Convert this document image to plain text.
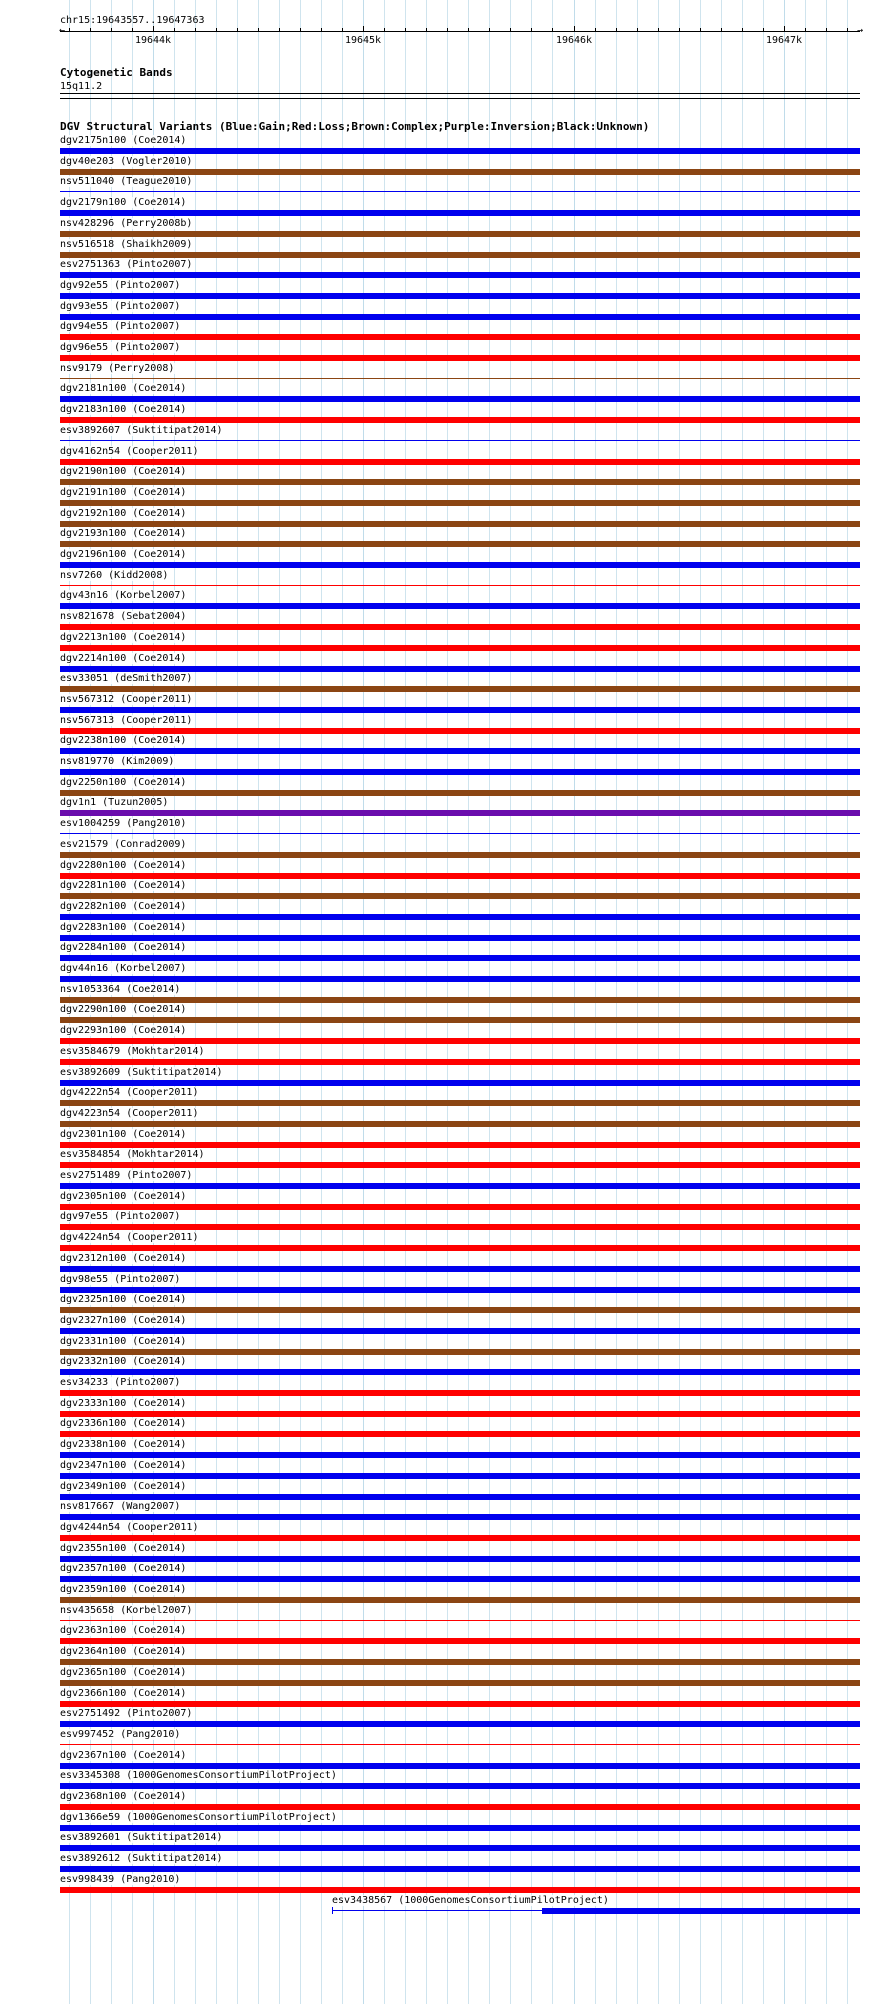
chr15:19643557..19647363
←	→
19644k	19645k	19646k	19647k
Cytogenetic Bands
15q11.2
DGV Structural Variants (Blue:Gain;Red:Loss;Brown:Complex;Purple:Inversion;Black:Unknown)
dgv2175n100 (Coe2014)
dgv40e203 (Vogler2010)
nsv511040 (Teague2010)
dgv2179n100 (Coe2014)
nsv428296 (Perry2008b)
nsv516518 (Shaikh2009)
esv2751363 (Pinto2007)
dgv92e55 (Pinto2007)
dgv93e55 (Pinto2007)
dgv94e55 (Pinto2007)
dgv96e55 (Pinto2007)
nsv9179 (Perry2008)
dgv2181n100 (Coe2014)
dgv2183n100 (Coe2014)
esv3892607 (Suktitipat2014)
dgv4162n54 (Cooper2011)
dgv2190n100 (Coe2014)
dgv2191n100 (Coe2014)
dgv2192n100 (Coe2014)
dgv2193n100 (Coe2014)
dgv2196n100 (Coe2014)
nsv7260 (Kidd2008)
dgv43n16 (Korbel2007)
nsv821678 (Sebat2004)
dgv2213n100 (Coe2014)
dgv2214n100 (Coe2014)
esv33051 (deSmith2007)
nsv567312 (Cooper2011)
nsv567313 (Cooper2011)
dgv2238n100 (Coe2014)
nsv819770 (Kim2009)
dgv2250n100 (Coe2014)
dgv1n1 (Tuzun2005)
esv1004259 (Pang2010)
esv21579 (Conrad2009)
dgv2280n100 (Coe2014)
dgv2281n100 (Coe2014)
dgv2282n100 (Coe2014)
dgv2283n100 (Coe2014)
dgv2284n100 (Coe2014)
dgv44n16 (Korbel2007)
nsv1053364 (Coe2014)
dgv2290n100 (Coe2014)
dgv2293n100 (Coe2014)
esv3584679 (Mokhtar2014)
esv3892609 (Suktitipat2014)
dgv4222n54 (Cooper2011)
dgv4223n54 (Cooper2011)
dgv2301n100 (Coe2014)
esv3584854 (Mokhtar2014)
esv2751489 (Pinto2007)
dgv2305n100 (Coe2014)
dgv97e55 (Pinto2007)
dgv4224n54 (Cooper2011)
dgv2312n100 (Coe2014)
dgv98e55 (Pinto2007)
dgv2325n100 (Coe2014)
dgv2327n100 (Coe2014)
dgv2331n100 (Coe2014)
dgv2332n100 (Coe2014)
esv34233 (Pinto2007)
dgv2333n100 (Coe2014)
dgv2336n100 (Coe2014)
dgv2338n100 (Coe2014)
dgv2347n100 (Coe2014)
dgv2349n100 (Coe2014)
nsv817667 (Wang2007)
dgv4244n54 (Cooper2011)
dgv2355n100 (Coe2014)
dgv2357n100 (Coe2014)
dgv2359n100 (Coe2014)
nsv435658 (Korbel2007)
dgv2363n100 (Coe2014)
dgv2364n100 (Coe2014)
dgv2365n100 (Coe2014)
dgv2366n100 (Coe2014)
esv2751492 (Pinto2007)
esv997452 (Pang2010)
dgv2367n100 (Coe2014)
esv3345308 (1000GenomesConsortiumPilotProject)
dgv2368n100 (Coe2014)
dgv1366e59 (1000GenomesConsortiumPilotProject)
esv3892601 (Suktitipat2014)
esv3892612 (Suktitipat2014)
esv998439 (Pang2010)
esv3438567 (1000GenomesConsortiumPilotProject)
